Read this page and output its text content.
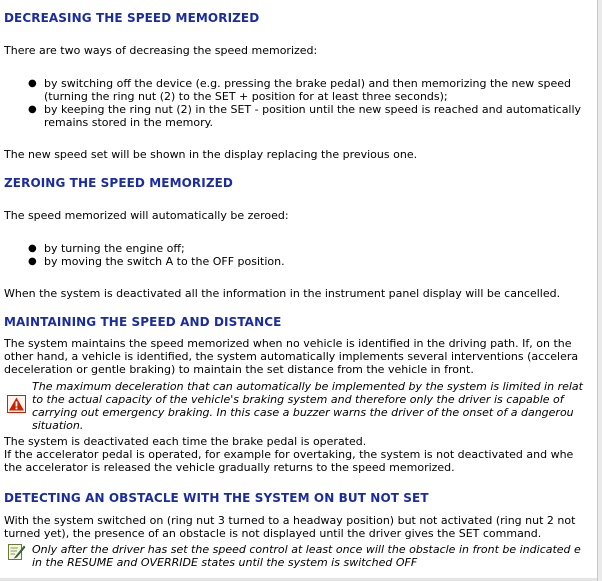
DECREASING THE SPEED MEMORIZED

There are two ways of decreasing the speed memorized:

● by switching off the device (e.g. pressing the brake pedal) and then memorizing the new speed
(turning the ring nut (2) to the SET + position for at least three seconds);
● by keeping the ring nut (2) in the SET - position until the new speed is reached and automatically
remains stored in the memory.

The new speed set will be shown in the display replacing the previous one.

ZEROING THE SPEED MEMORIZED

The speed memorized will automatically be zeroed:

● by turning the engine off;
● by moving the switch A to the OFF position.

When the system is deactivated all the information in the instrument panel display will be cancelled.

MAINTAINING THE SPEED AND DISTANCE

The system maintains the speed memorized when no vehicle is identified in the driving path. If, on the
other hand, a vehicle is identified, the system automatically implements several interventions (accelera
deceleration or gentle braking) to maintain the set distance from the vehicle in front.

The maximum deceleration that can automatically be implemented by the system is limited in relat
to the actual capacity of the vehicle's braking system and therefore only the driver is capable of
carrying out emergency braking. In this case a buzzer warns the driver of the onset of a dangerou
situation.

The system is deactivated each time the brake pedal is operated.
If the accelerator pedal is operated, for example for overtaking, the system is not deactivated and whe
the accelerator is released the vehicle gradually returns to the speed memorized.

DETECTING AN OBSTACLE WITH THE SYSTEM ON BUT NOT SET

With the system switched on (ring nut 3 turned to a headway position) but not activated (ring nut 2 not
turned yet), the presence of an obstacle is not displayed until the driver gives the SET command.

Only after the driver has set the speed control at least once will the obstacle in front be indicated e
in the RESUME and OVERRIDE states until the system is switched OFF
